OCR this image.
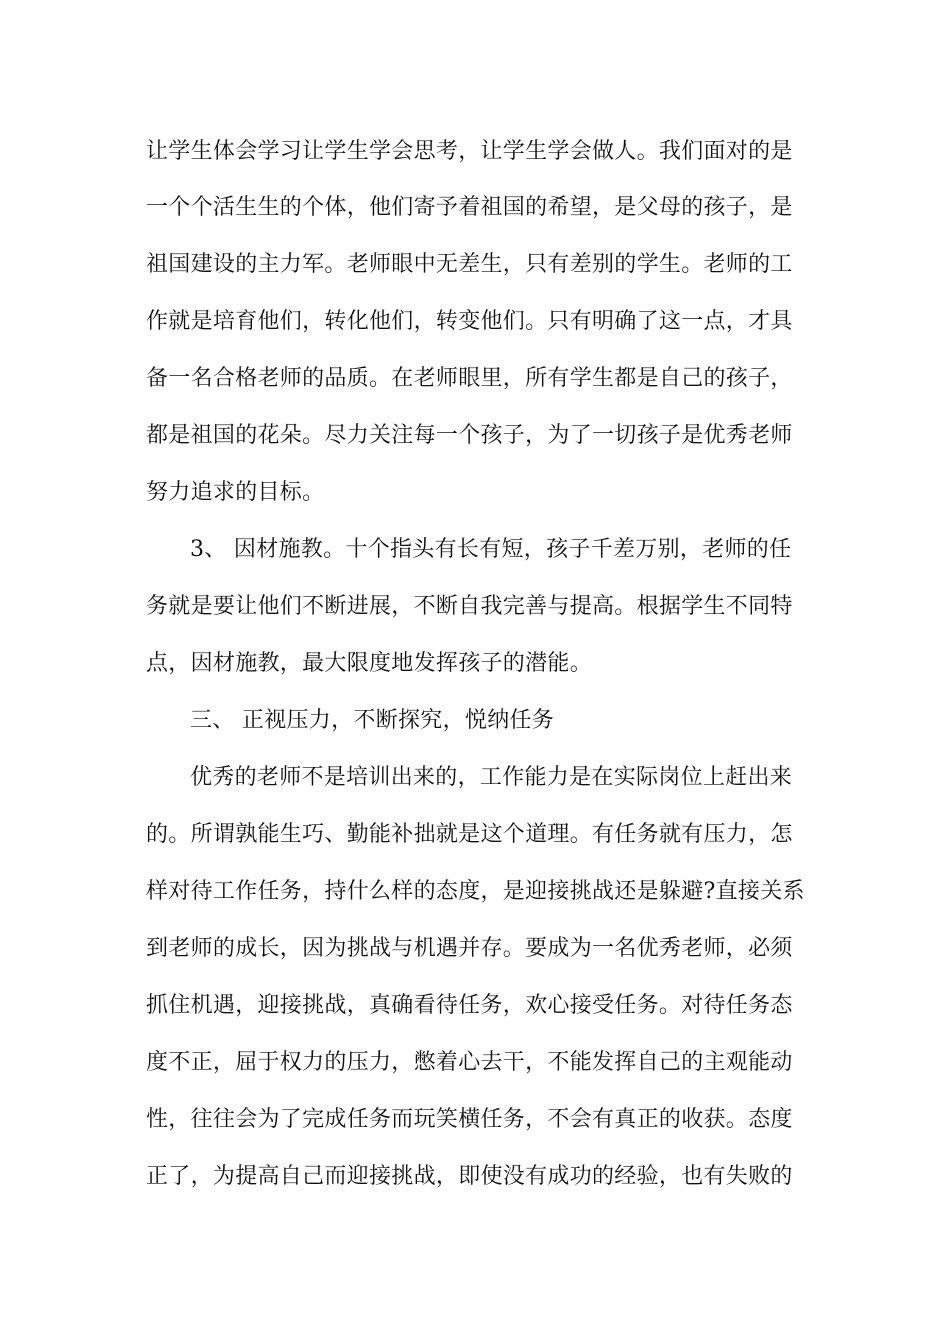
让学生体会学习让学生学会思考，让学生学会做人。我们面对的是

一个个活生生的个体，他们寄予着祖国的希望，是父母的孩子，是

祖国建设的主力军。老师眼中无差生，只有差别的学生。老师的工

作就是培育他们，转化他们，转变他们。只有明确了这一点，才具

备一名合格老师的品质。在老师眼里，所有学生都是自己的孩子，

都是祖国的花朵。尽力关注每一个孩子，为了一切孩子是优秀老师

努力追求的目标。

3、 因材施教。十个指头有长有短，孩子千差万别，老师的任

务就是要让他们不断进展，不断自我完善与提高。根据学生不同特

点，因材施教，最大限度地发挥孩子的潜能。

三、 正视压力，不断探究，悦纳任务

优秀的老师不是培训出来的，工作能力是在实际岗位上赶出来

的。所谓孰能生巧、勤能补拙就是这个道理。有任务就有压力，怎

样对待工作任务，持什么样的态度，是迎接挑战还是躲避?直接关系

到老师的成长，因为挑战与机遇并存。要成为一名优秀老师，必须

抓住机遇，迎接挑战，真确看待任务，欢心接受任务。对待任务态

度不正，屈于权力的压力，憋着心去干，不能发挥自己的主观能动

性，往往会为了完成任务而玩笑横任务，不会有真正的收获。态度

正了，为提高自己而迎接挑战，即使没有成功的经验，也有失败的
